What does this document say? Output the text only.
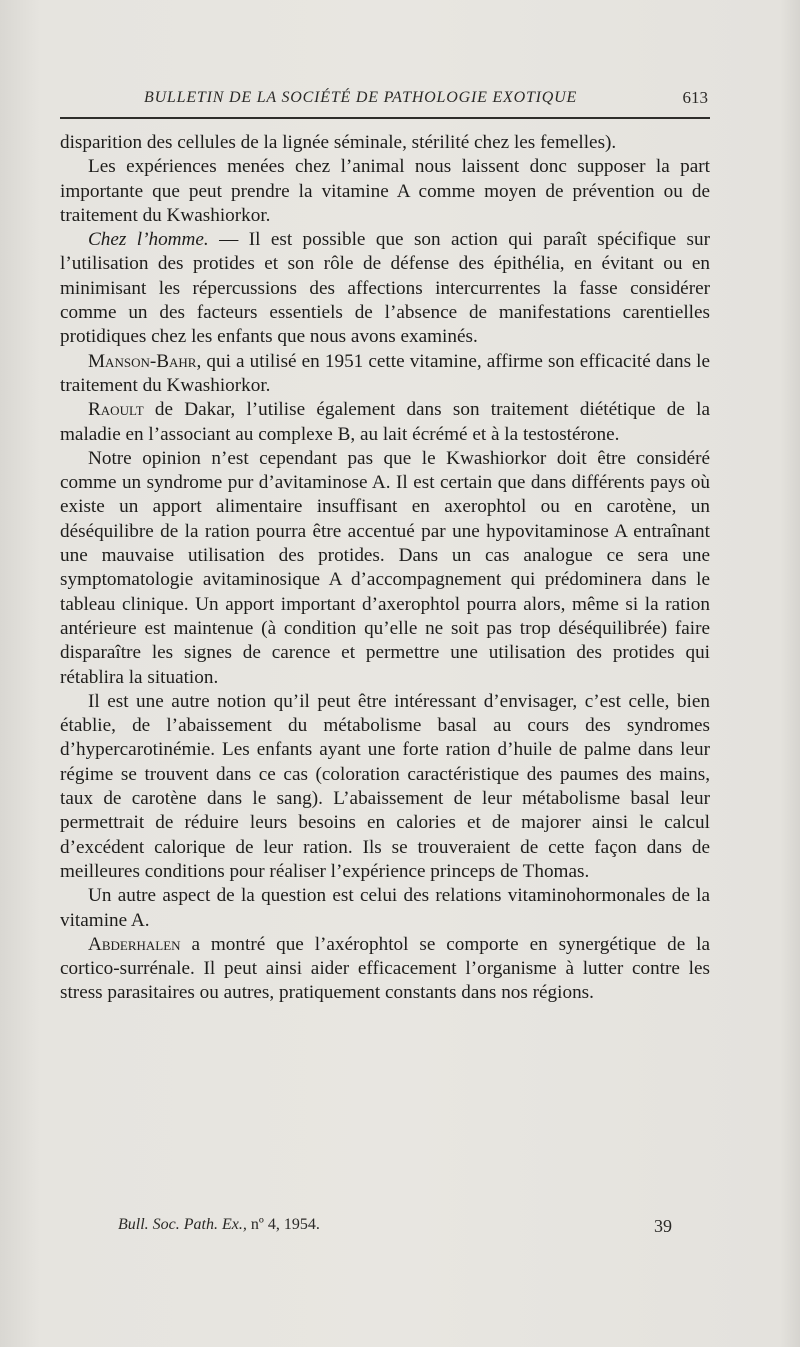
BULLETIN DE LA SOCIÉTÉ DE PATHOLOGIE EXOTIQUE	613

disparition des cellules de la lignée séminale, stérilité chez les femelles).

Les expériences menées chez l’animal nous laissent donc supposer la part importante que peut prendre la vitamine A comme moyen de prévention ou de traitement du Kwashiorkor.

Chez l’homme. — Il est possible que son action qui paraît spécifique sur l’utilisation des protides et son rôle de défense des épithélia, en évitant ou en minimisant les répercussions des affections intercurrentes la fasse considérer comme un des facteurs essentiels de l’absence de manifestations carentielles protidiques chez les enfants que nous avons examinés.

Manson-Bahr, qui a utilisé en 1951 cette vitamine, affirme son efficacité dans le traitement du Kwashiorkor.

Raoult de Dakar, l’utilise également dans son traitement diététique de la maladie en l’associant au complexe B, au lait écrémé et à la testostérone.

Notre opinion n’est cependant pas que le Kwashiorkor doit être considéré comme un syndrome pur d’avitaminose A. Il est certain que dans différents pays où existe un apport alimentaire insuffisant en axerophtol ou en carotène, un déséquilibre de la ration pourra être accentué par une hypovitaminose A entraînant une mauvaise utilisation des protides. Dans un cas analogue ce sera une symptomatologie avitaminosique A d’accompagnement qui prédominera dans le tableau clinique. Un apport important d’axerophtol pourra alors, même si la ration antérieure est maintenue (à condition qu’elle ne soit pas trop déséquilibrée) faire disparaître les signes de carence et permettre une utilisation des protides qui rétablira la situation.

Il est une autre notion qu’il peut être intéressant d’envisager, c’est celle, bien établie, de l’abaissement du métabolisme basal au cours des syndromes d’hypercarotinémie. Les enfants ayant une forte ration d’huile de palme dans leur régime se trouvent dans ce cas (coloration caractéristique des paumes des mains, taux de carotène dans le sang). L’abaissement de leur métabolisme basal leur permettrait de réduire leurs besoins en calories et de majorer ainsi le calcul d’excédent calorique de leur ration. Ils se trouveraient de cette façon dans de meilleures conditions pour réaliser l’expérience princeps de Thomas.

Un autre aspect de la question est celui des relations vitaminohormonales de la vitamine A.

Abderhalen a montré que l’axérophtol se comporte en synergétique de la cortico-surrénale. Il peut ainsi aider efficacement l’organisme à lutter contre les stress parasitaires ou autres, pratiquement constants dans nos régions.

Bull. Soc. Path. Ex., nº 4, 1954.	39
